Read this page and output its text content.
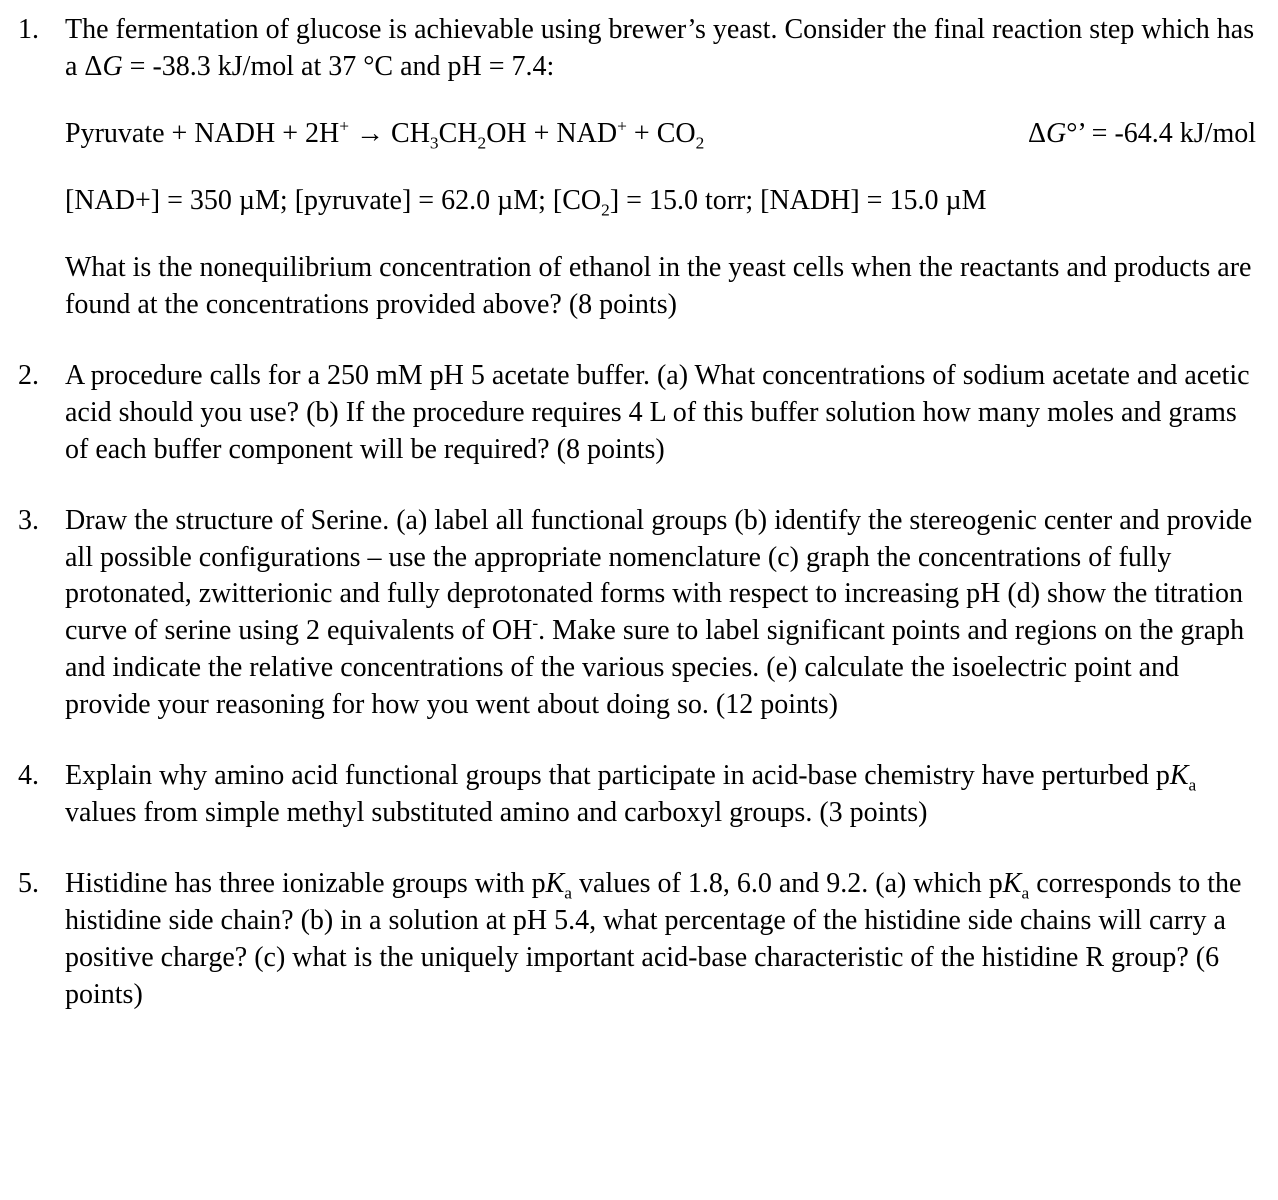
1. The fermentation of glucose is achievable using brewer’s yeast. Consider the final reaction step which has a ΔG = -38.3 kJ/mol at 37 °C and pH = 7.4:
Pyruvate + NADH + $2H^+ \to CH_3CH_2OH + NAD^+ + CO_2$	ΔG°’ = -64.4 kJ/mol
[NAD+] = 350 µM; [pyruvate] = 62.0 µM; $[CO_2] = 15.0$ torr; [NADH] = 15.0 µM
What is the nonequilibrium concentration of ethanol in the yeast cells when the reactants and products are found at the concentrations provided above? (8 points)
2. A procedure calls for a 250 mM pH 5 acetate buffer. (a) What concentrations of sodium acetate and acetic acid should you use? (b) If the procedure requires 4 L of this buffer solution how many moles and grams of each buffer component will be required? (8 points)
3. Draw the structure of Serine. (a) label all functional groups (b) identify the stereogenic center and provide all possible configurations – use the appropriate nomenclature (c) graph the concentrations of fully protonated, zwitterionic and fully deprotonated forms with respect to increasing pH (d) show the titration curve of serine using 2 equivalents of OH-. Make sure to label significant points and regions on the graph and indicate the relative concentrations of the various species. (e) calculate the isoelectric point and provide your reasoning for how you went about doing so. (12 points)
4. Explain why amino acid functional groups that participate in acid-base chemistry have perturbed $pK_a$ values from simple methyl substituted amino and carboxyl groups. (3 points)
5. Histidine has three ionizable groups with $pK_a$ values of 1.8, 6.0 and 9.2. (a) which $pK_a$ corresponds to the histidine side chain? (b) in a solution at pH 5.4, what percentage of the histidine side chains will carry a positive charge? (c) what is the uniquely important acid-base characteristic of the histidine R group? (6 points)
